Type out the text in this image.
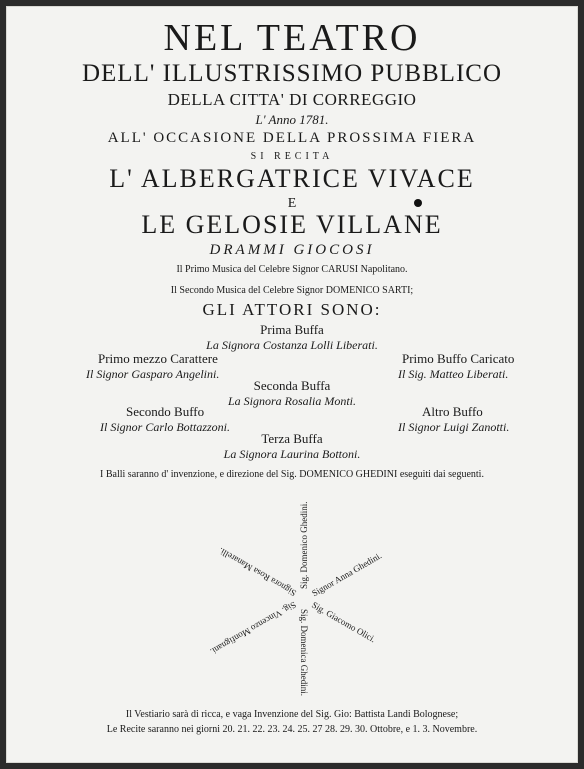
NEL TEATRO
DELL' ILLUSTRISSIMO PUBBLICO
DELLA CITTA' DI CORREGGIO
L' Anno 1781.
ALL' OCCASIONE DELLA PROSSIMA FIERA
SI RECITA
L' ALBERGATRICE VIVACE
E
LE GELOSIE VILLANE
DRAMMI GIOCOSI
Il Primo Musica del Celebre Signor CARUSI Napolitano.
Il Secondo Musica del Celebre Signor DOMENICO SARTI;
GLI ATTORI SONO:
Prima Buffa
La Signora Costanza Lolli Liberati.
Primo mezzo Carattere
Il Signor Gasparo Angelini.
Primo Buffo Caricato
Il Sig. Matteo Liberati.
Seconda Buffa
La Signora Rosalia Monti.
Secondo Buffo
Il Signor Carlo Bottazzoni.
Altro Buffo
Il Signor Luigi Zanotti.
Terza Buffa
La Signora Laurina Bottoni.
I Balli saranno d' invenzione, e direzione del Sig. DOMENICO GHEDINI eseguiti dai seguenti.
Sig. Domenico Ghedini. Signor Anna Ghedini.
Sig. Giacomo Olici.
Sig. Domenica Ghedini.
Sig. Vincenzo Monfignani.
Signora Rosa Manarelli.
Il Vestiario sarà di ricca, e vaga Invenzione del Sig. Gio: Battista Landi Bolognese;
Le Recite saranno nei giorni 20. 21. 22. 23. 24. 25. 27 28. 29. 30. Ottobre, e 1. 3. Novembre.
